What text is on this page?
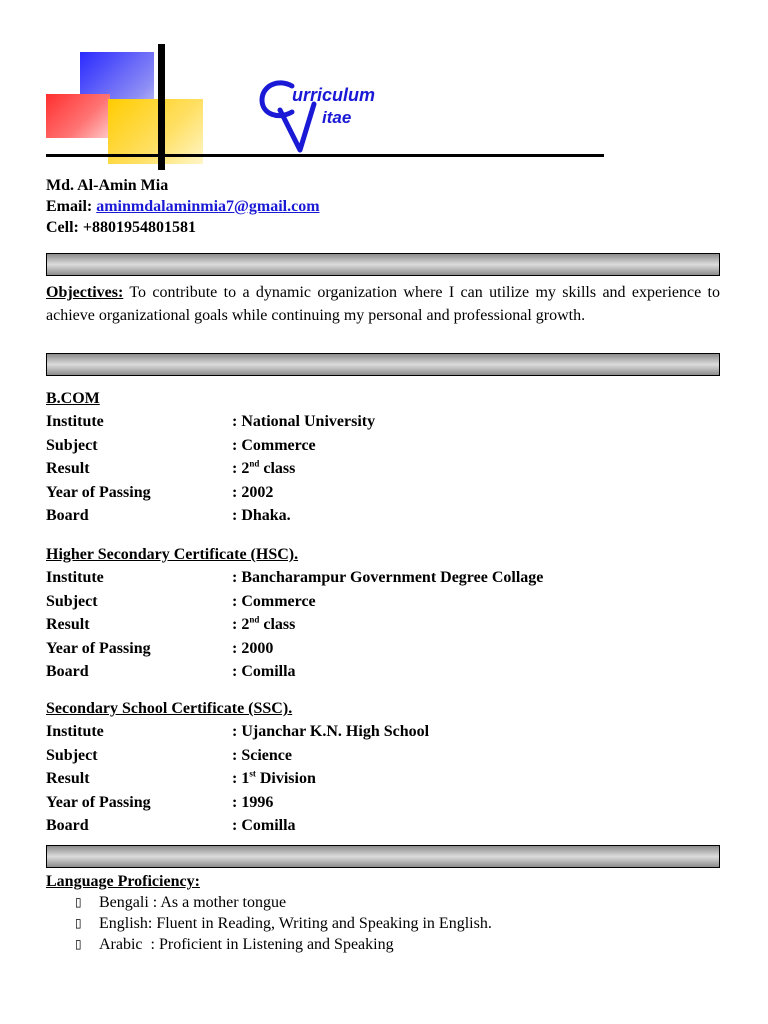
urriculum
itae
Md. Al-Amin Mia
Email: aminmdalaminmia7@gmail.com
Cell: +8801954801581
Objectives: To contribute to a dynamic organization where I can utilize my skills and experience to achieve organizational goals while continuing my personal and professional growth.
B.COM
Institute	: National University
Subject	: Commerce
Result	: 2nd class
Year of Passing	: 2002
Board	: Dhaka.
Higher Secondary Certificate (HSC).
Institute	: Bancharampur Government Degree Collage
Subject	: Commerce
Result	: 2nd class
Year of Passing	: 2000
Board	: Comilla
Secondary School Certificate (SSC).
Institute	: Ujanchar K.N. High School
Subject	: Science
Result	: 1st Division
Year of Passing	: 1996
Board	: Comilla
Language Proficiency:
▯	Bengali : As a mother tongue
▯	English: Fluent in Reading, Writing and Speaking in English.
▯	Arabic  : Proficient in Listening and Speaking
